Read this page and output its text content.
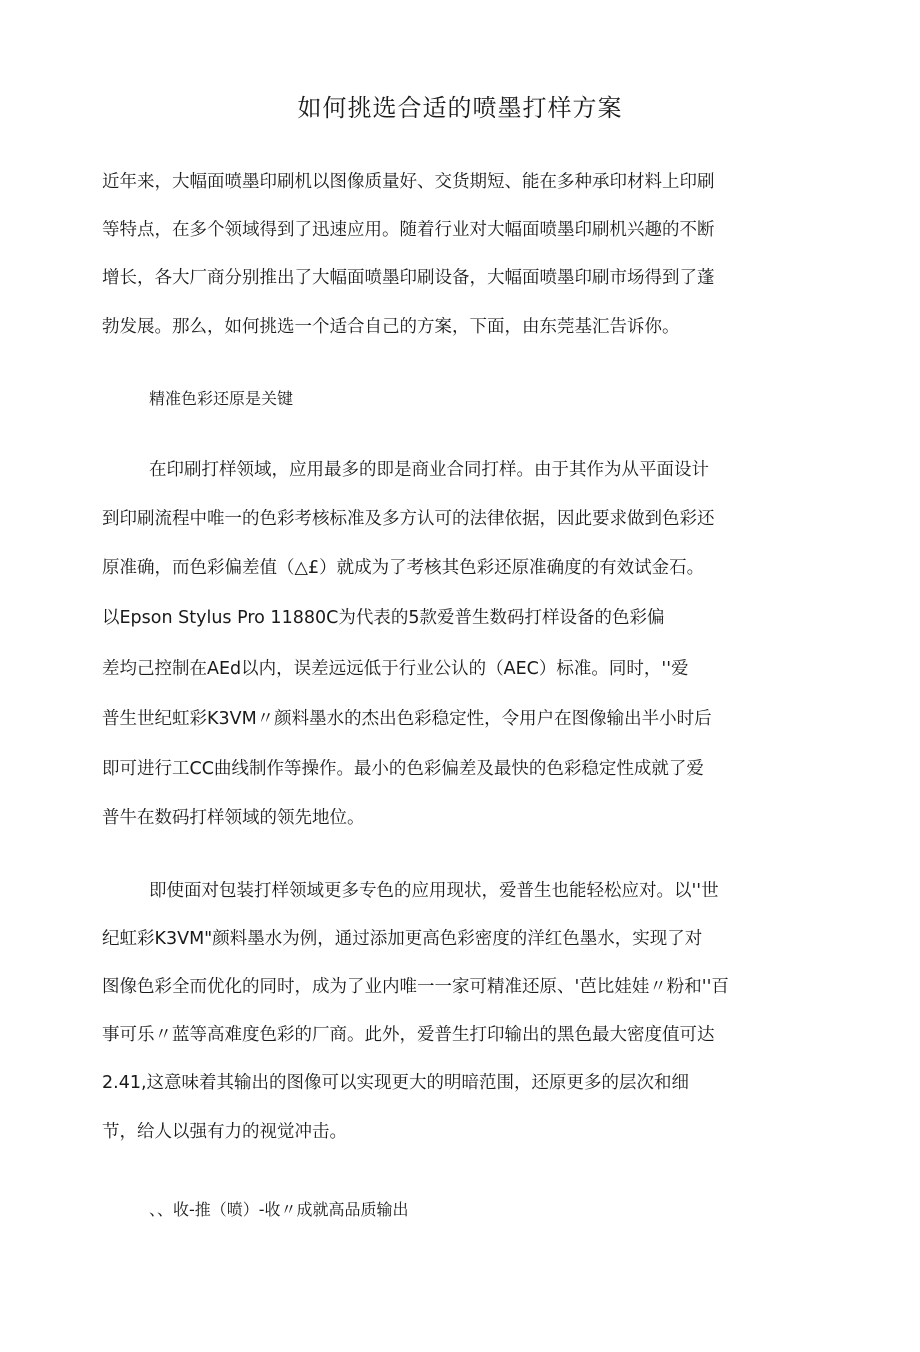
如何挑选合适的喷墨打样方案
近年来，大幅面喷墨印刷机以图像质量好、交货期短、能在多种承印材料上印刷
等特点，在多个领域得到了迅速应用。随着行业对大幅面喷墨印刷机兴趣的不断
增长，各大厂商分别推出了大幅面喷墨印刷设备，大幅面喷墨印刷市场得到了蓬
勃发展。那么，如何挑选一个适合自己的方案，下面，由东莞基汇告诉你。
精准色彩还原是关键
在印刷打样领域，应用最多的即是商业合同打样。由于其作为从平面设计
到印刷流程中唯一的色彩考核标准及多方认可的法律依据，因此要求做到色彩还
原准确，而色彩偏差值（△£）就成为了考核其色彩还原准确度的有效试金石。
以Epson Stylus Pro 11880C为代表的5款爱普生数码打样设备的色彩偏
差均己控制在AEd以内，误差远远低于行业公认的（AEC）标准。同时，''爱
普生世纪虹彩K3VM〃颜料墨水的杰出色彩稳定性，令用户在图像输出半小时后
即可进行工CC曲线制作等操作。最小的色彩偏差及最快的色彩稳定性成就了爱
普牛在数码打样领域的领先地位。
即使面对包装打样领域更多专色的应用现状，爱普生也能轻松应对。以''世
纪虹彩K3VM"颜料墨水为例，通过添加更高色彩密度的洋红色墨水，实现了对
图像色彩全而优化的同时，成为了业内唯一一家可精准还原、'芭比娃娃〃粉和''百
事可乐〃蓝等高难度色彩的厂商。此外，爱普生打印输出的黑色最大密度值可达
2.41,这意味着其输出的图像可以实现更大的明暗范围，还原更多的层次和细
节，给人以强有力的视觉冲击。
、、收-推（喷）-收〃成就高品质输出
